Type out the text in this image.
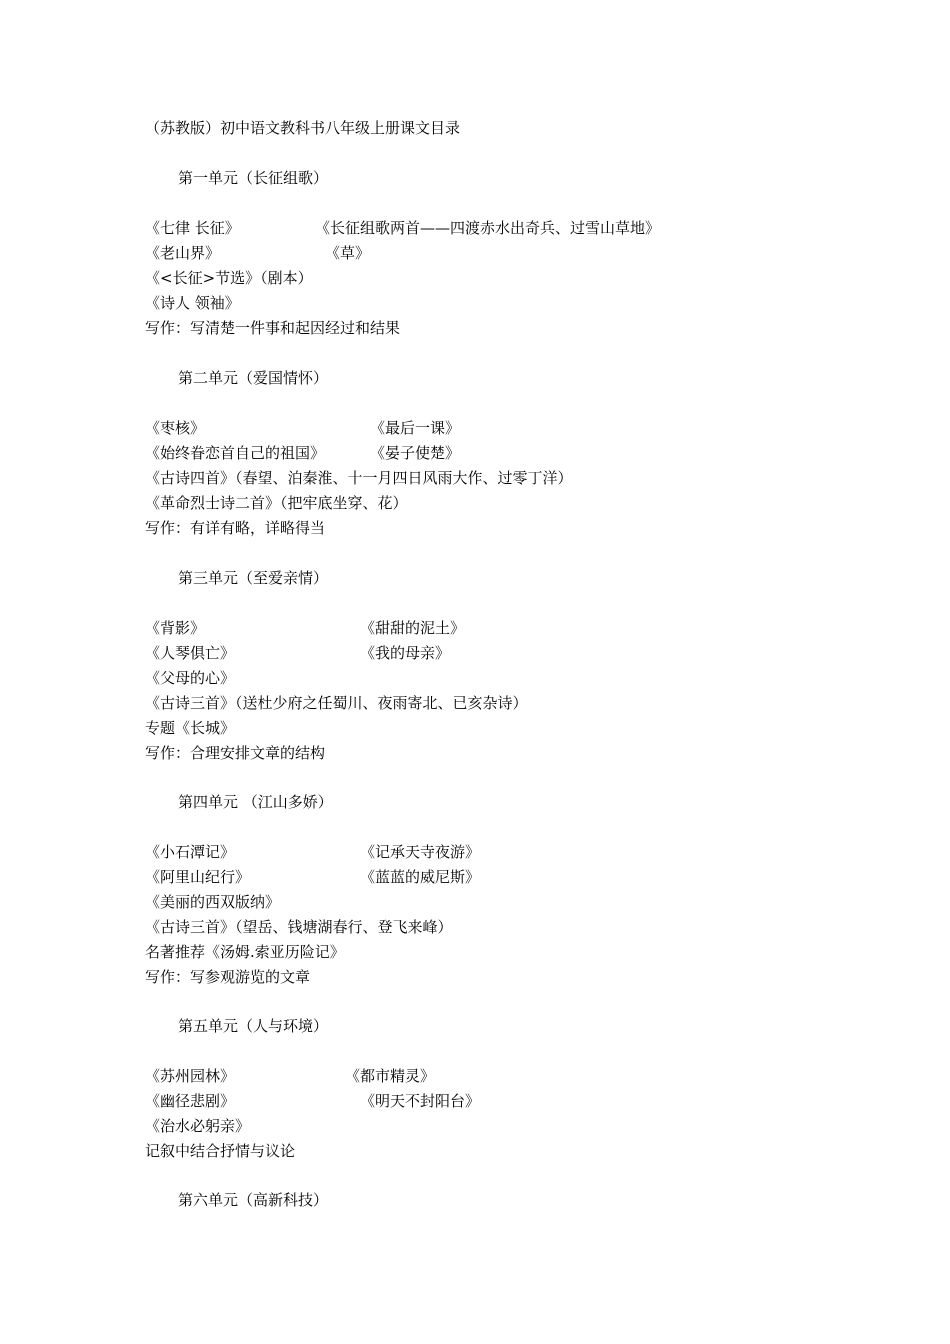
（苏教版）初中语文教科书八年级上册课文目录
第一单元（长征组歌）
《七律 长征》	《长征组歌两首——四渡赤水出奇兵、过雪山草地》
《老山界》	《草》
《<长征>节选》（剧本）
《诗人 领袖》
写作：写清楚一件事和起因经过和结果
第二单元（爱国情怀）
《枣核》	《最后一课》
《始终眷恋首自己的祖国》	《晏子使楚》
《古诗四首》（春望、泊秦淮、十一月四日风雨大作、过零丁洋）
《革命烈士诗二首》（把牢底坐穿、花）
写作：有详有略，详略得当
第三单元（至爱亲情）
《背影》	《甜甜的泥土》
《人琴俱亡》	《我的母亲》
《父母的心》
《古诗三首》（送杜少府之任蜀川、夜雨寄北、已亥杂诗）
专题《长城》
写作：合理安排文章的结构
第四单元 （江山多娇）
《小石潭记》	《记承天寺夜游》
《阿里山纪行》	《蓝蓝的威尼斯》
《美丽的西双版纳》
《古诗三首》（望岳、钱塘湖春行、登飞来峰）
名著推荐《汤姆.索亚历险记》
写作：写参观游览的文章
第五单元（人与环境）
《苏州园林》	《都市精灵》
《幽径悲剧》	《明天不封阳台》
《治水必躬亲》
记叙中结合抒情与议论
第六单元（高新科技）
